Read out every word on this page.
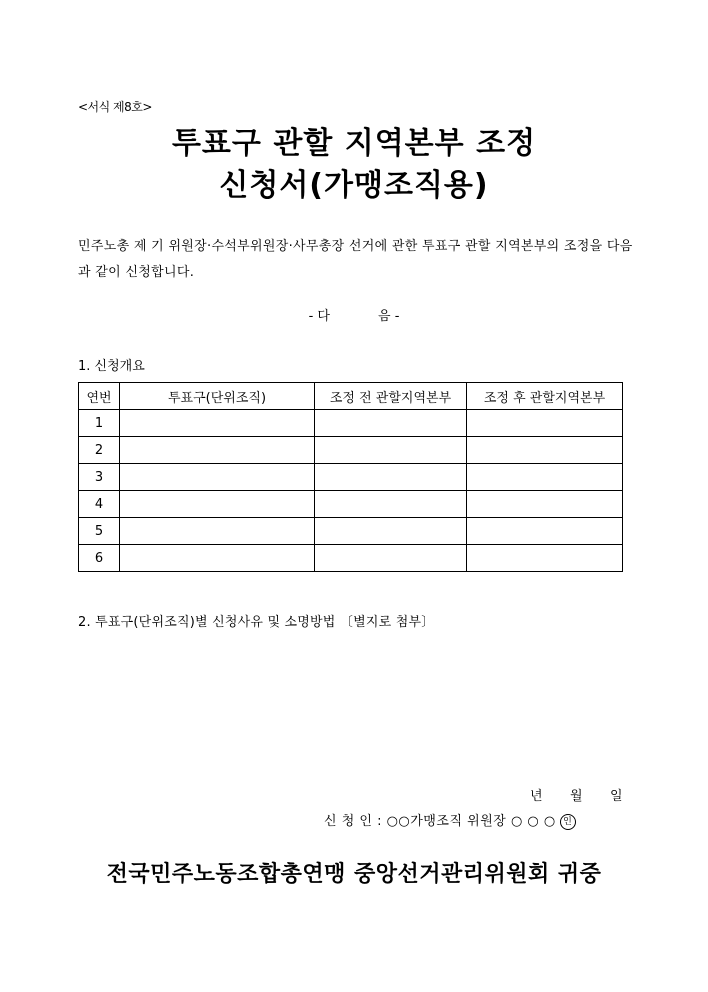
<서식 제8호>
투표구 관할 지역본부 조정
신청서(가맹조직용)
민주노총 제 기 위원장·수석부위원장·사무총장 선거에 관한 투표구 관할 지역본부의 조정을 다음과 같이 신청합니다.
- 다	음 -
1. 신청개요
연번	투표구(단위조직)	조정 전 관할지역본부	조정 후 관할지역본부
1			
2			
3			
4			
5			
6			
2. 투표구(단위조직)별 신청사유 및 소명방법 〔별지로 첨부〕
년 월 일
신 청 인 : ○○가맹조직 위원장 ○ ○ ○ 인
전국민주노동조합총연맹 중앙선거관리위원회 귀중
